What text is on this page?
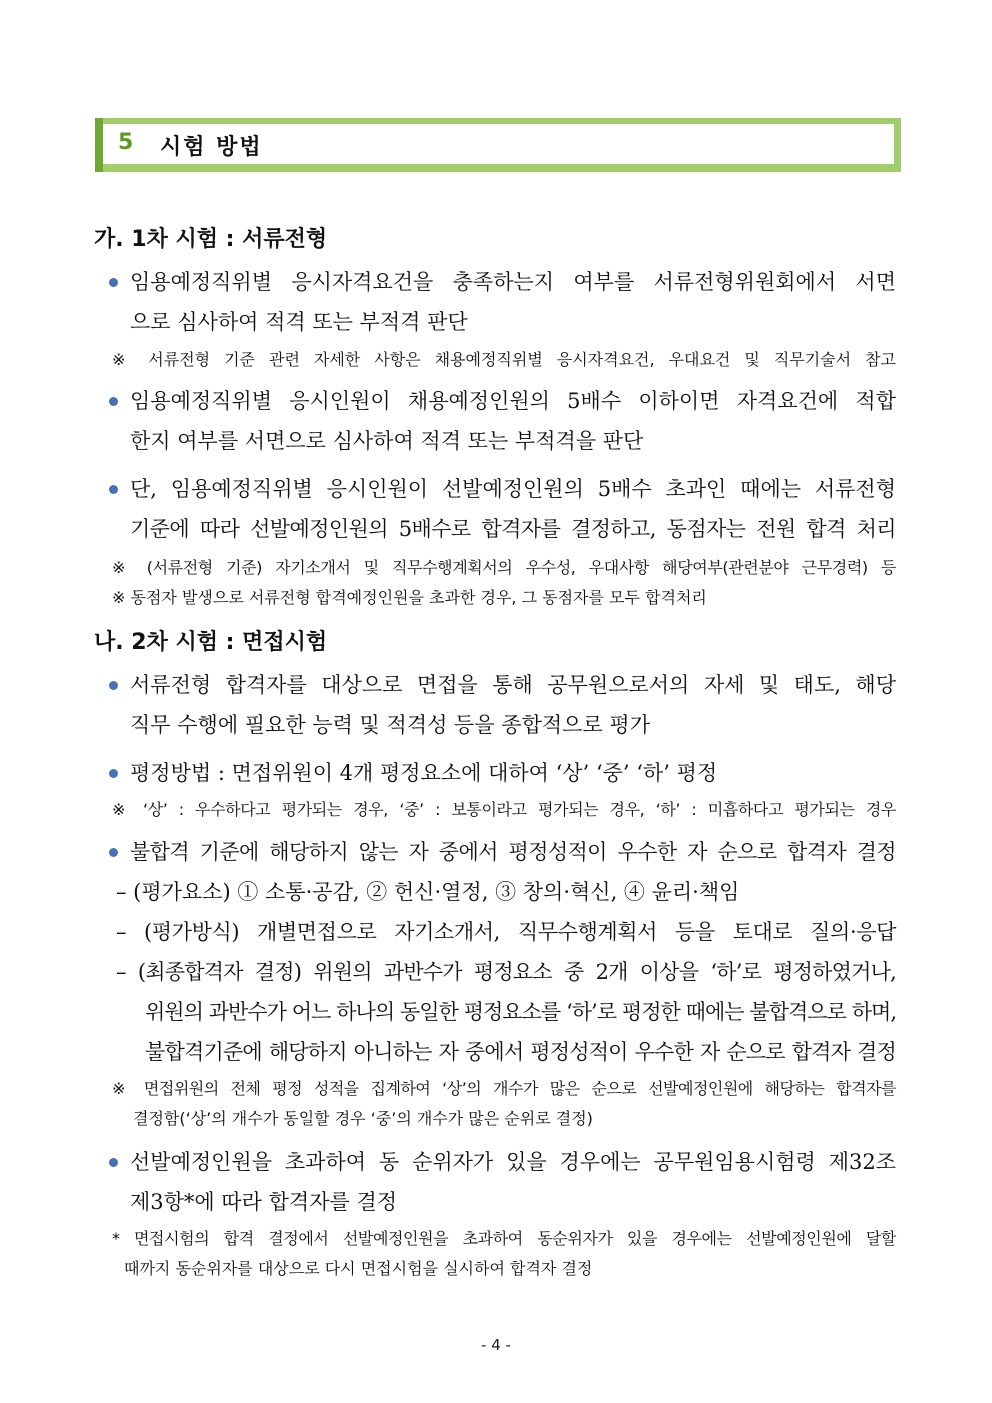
5 시험 방법
가. 1차 시험 : 서류전형
임용예정직위별 응시자격요건을 충족하는지 여부를 서류전형위원회에서 서면
으로 심사하여 적격 또는 부적격 판단
※ 서류전형 기준 관련 자세한 사항은 채용예정직위별 응시자격요건, 우대요건 및 직무기술서 참고
임용예정직위별 응시인원이 채용예정인원의 5배수 이하이면 자격요건에 적합
한지 여부를 서면으로 심사하여 적격 또는 부적격을 판단
단, 임용예정직위별 응시인원이 선발예정인원의 5배수 초과인 때에는 서류전형
기준에 따라 선발예정인원의 5배수로 합격자를 결정하고, 동점자는 전원 합격 처리
※ (서류전형 기준) 자기소개서 및 직무수행계획서의 우수성, 우대사항 해당여부(관련분야 근무경력) 등
※ 동점자 발생으로 서류전형 합격예정인원을 초과한 경우, 그 동점자를 모두 합격처리
나. 2차 시험 : 면접시험
서류전형 합격자를 대상으로 면접을 통해 공무원으로서의 자세 및 태도, 해당
직무 수행에 필요한 능력 및 적격성 등을 종합적으로 평가
평정방법 : 면접위원이 4개 평정요소에 대하여 ‘상’ ‘중’ ‘하’ 평정
※ ‘상’ : 우수하다고 평가되는 경우, ‘중’ : 보통이라고 평가되는 경우, ‘하’ : 미흡하다고 평가되는 경우
불합격 기준에 해당하지 않는 자 중에서 평정성적이 우수한 자 순으로 합격자 결정
– (평가요소) ① 소통·공감, ② 헌신·열정, ③ 창의·혁신, ④ 윤리·책임
– (평가방식) 개별면접으로 자기소개서, 직무수행계획서 등을 토대로 질의·응답
– (최종합격자 결정) 위원의 과반수가 평정요소 중 2개 이상을 ‘하’로 평정하였거나,
위원의 과반수가 어느 하나의 동일한 평정요소를 ‘하’로 평정한 때에는 불합격으로 하며,
불합격기준에 해당하지 아니하는 자 중에서 평정성적이 우수한 자 순으로 합격자 결정
※ 면접위원의 전체 평정 성적을 집계하여 ‘상’의 개수가 많은 순으로 선발예정인원에 해당하는 합격자를
결정함(‘상’의 개수가 동일할 경우 ‘중’의 개수가 많은 순위로 결정)
선발예정인원을 초과하여 동 순위자가 있을 경우에는 공무원임용시험령 제32조
제3항*에 따라 합격자를 결정
* 면접시험의 합격 결정에서 선발예정인원을 초과하여 동순위자가 있을 경우에는 선발예정인원에 달할
때까지 동순위자를 대상으로 다시 면접시험을 실시하여 합격자 결정
- 4 -
